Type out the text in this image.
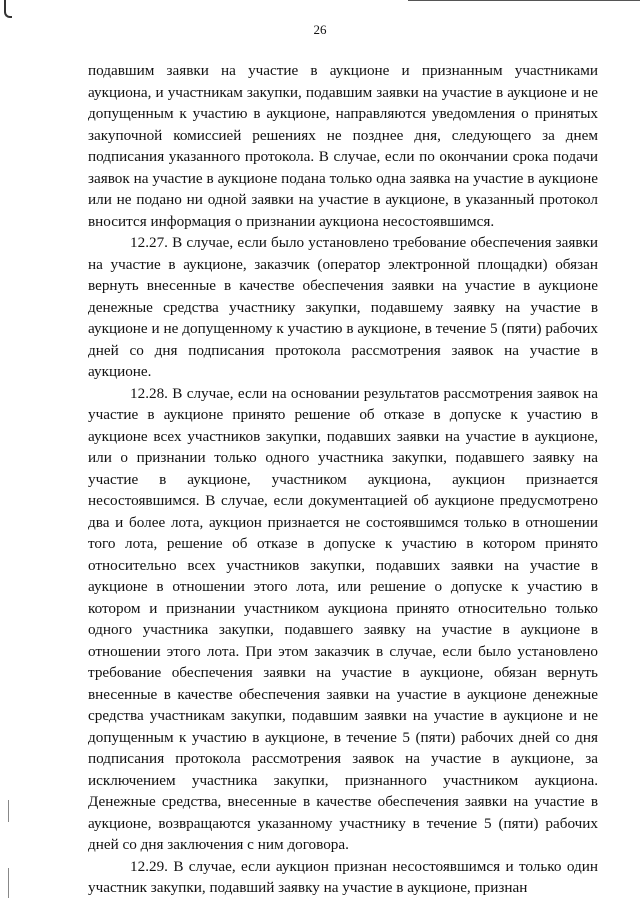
26

подавшим заявки на участие в аукционе и признанным участниками аукциона, и участникам закупки, подавшим заявки на участие в аукционе и не допущенным к участию в аукционе, направляются уведомления о принятых закупочной комиссией решениях не позднее дня, следующего за днем подписания указанного протокола. В случае, если по окончании срока подачи заявок на участие в аукционе подана только одна заявка на участие в аукционе или не подано ни одной заявки на участие в аукционе, в указанный протокол вносится информация о признании аукциона несостоявшимся.

12.27. В случае, если было установлено требование обеспечения заявки на участие в аукционе, заказчик (оператор электронной площадки) обязан вернуть внесенные в качестве обеспечения заявки на участие в аукционе денежные средства участнику закупки, подавшему заявку на участие в аукционе и не допущенному к участию в аукционе, в течение 5 (пяти) рабочих дней со дня подписания протокола рассмотрения заявок на участие в аукционе.

12.28. В случае, если на основании результатов рассмотрения заявок на участие в аукционе принято решение об отказе в допуске к участию в аукционе всех участников закупки, подавших заявки на участие в аукционе, или о признании только одного участника закупки, подавшего заявку на участие в аукционе, участником аукциона, аукцион признается несостоявшимся. В случае, если документацией об аукционе предусмотрено два и более лота, аукцион признается не состоявшимся только в отношении того лота, решение об отказе в допуске к участию в котором принято относительно всех участников закупки, подавших заявки на участие в аукционе в отношении этого лота, или решение о допуске к участию в котором и признании участником аукциона принято относительно только одного участника закупки, подавшего заявку на участие в аукционе в отношении этого лота. При этом заказчик в случае, если было установлено требование обеспечения заявки на участие в аукционе, обязан вернуть внесенные в качестве обеспечения заявки на участие в аукционе денежные средства участникам закупки, подавшим заявки на участие в аукционе и не допущенным к участию в аукционе, в течение 5 (пяти) рабочих дней со дня подписания протокола рассмотрения заявок на участие в аукционе, за исключением участника закупки, признанного участником аукциона. Денежные средства, внесенные в качестве обеспечения заявки на участие в аукционе, возвращаются указанному участнику в течение 5 (пяти) рабочих дней со дня заключения с ним договора.

12.29. В случае, если аукцион признан несостоявшимся и только один участник закупки, подавший заявку на участие в аукционе, признан
